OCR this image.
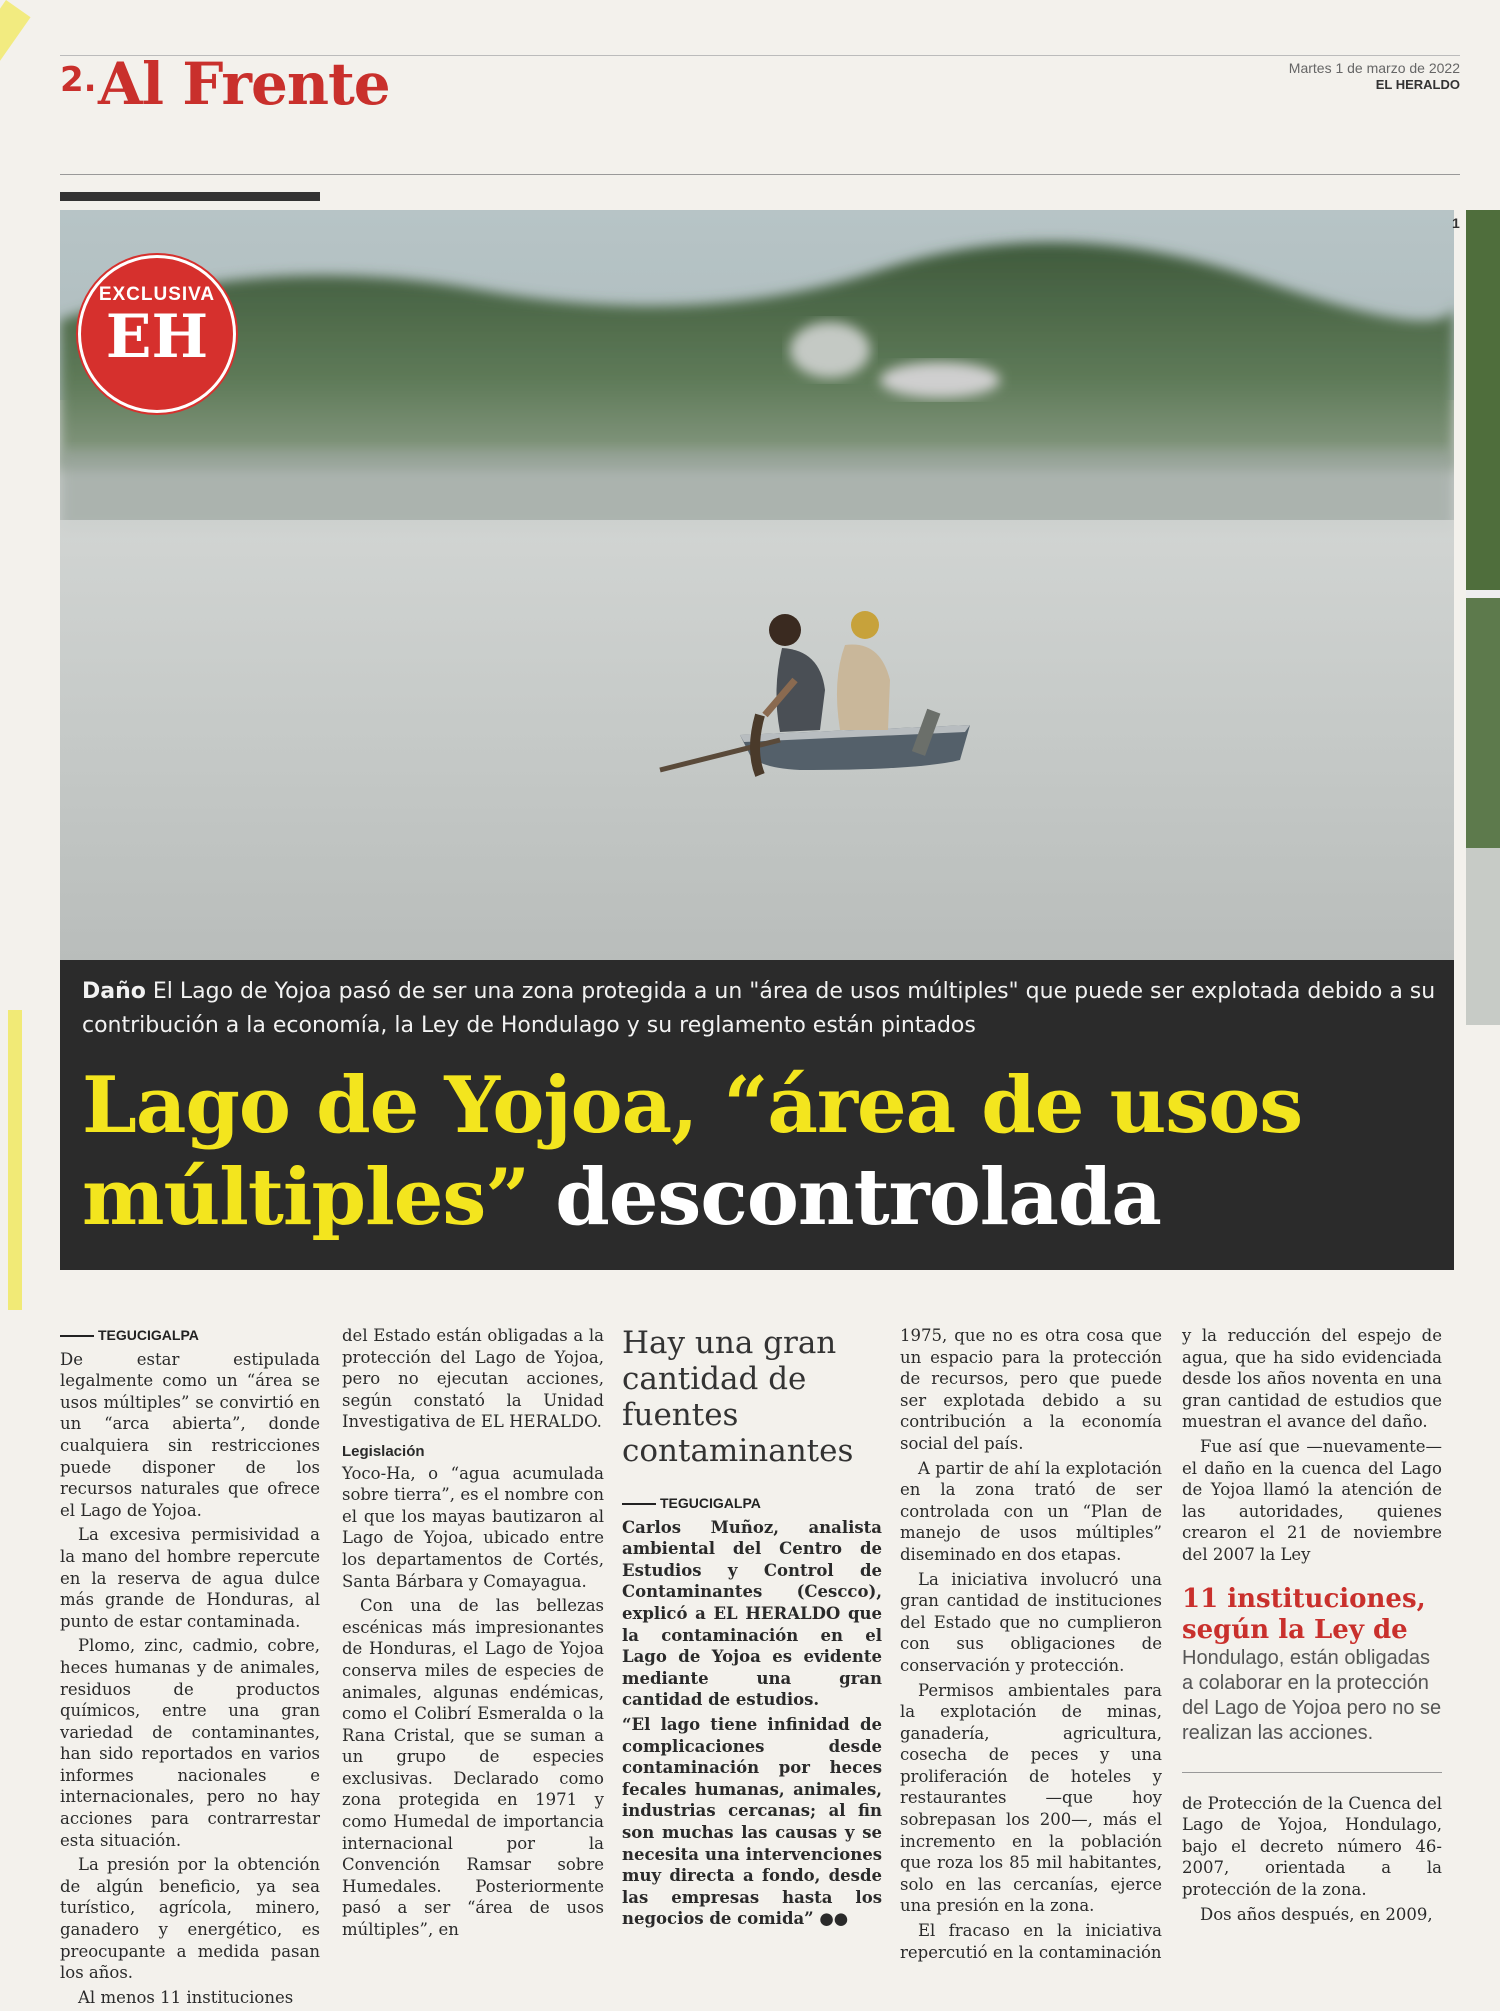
2. Al Frente	Martes 1 de marzo de 2022
EL HERALDO
1
EXCLUSIVA
EH
Daño El Lago de Yojoa pasó de ser una zona protegida a un "área de usos múltiples" que puede ser explotada debido a su contribución a la economía, la Ley de Hondulago y su reglamento están pintados
Lago de Yojoa, “área de usos múltiples” descontrolada
TEGUCIGALPA

De estar estipulada legalmente como un “área se usos múltiples” se convirtió en un “arca abierta”, donde cualquiera sin restricciones puede disponer de los recursos naturales que ofrece el Lago de Yojoa.

La excesiva permisividad a la mano del hombre repercute en la reserva de agua dulce más grande de Honduras, al punto de estar contaminada.

Plomo, zinc, cadmio, cobre, heces humanas y de animales, residuos de productos químicos, entre una gran variedad de contaminantes, han sido reportados en varios informes nacionales e internacionales, pero no hay acciones para contrarrestar esta situación.

La presión por la obtención de algún beneficio, ya sea turístico, agrícola, minero, ganadero y energético, es preocupante a medida pasan los años.

Al menos 11 instituciones

del Estado están obligadas a la protección del Lago de Yojoa, pero no ejecutan acciones, según constató la Unidad Investigativa de EL HERALDO.

Legislación

Yoco-Ha, o “agua acumulada sobre tierra”, es el nombre con el que los mayas bautizaron al Lago de Yojoa, ubicado entre los departamentos de Cortés, Santa Bárbara y Comayagua.

Con una de las bellezas escénicas más impresionantes de Honduras, el Lago de Yojoa conserva miles de especies de animales, algunas endémicas, como el Colibrí Esmeralda o la Rana Cristal, que se suman a un grupo de especies exclusivas. Declarado como zona protegida en 1971 y como Humedal de importancia internacional por la Convención Ramsar sobre Humedales. Posteriormente pasó a ser “área de usos múltiples”, en

Hay una gran cantidad de fuentes contaminantes
TEGUCIGALPA

Carlos Muñoz, analista ambiental del Centro de Estudios y Control de Contaminantes (Cescco), explicó a EL HERALDO que la contaminación en el Lago de Yojoa es evidente mediante una gran cantidad de estudios.

“El lago tiene infinidad de complicaciones desde contaminación por heces fecales humanas, animales, industrias cercanas; al fin son muchas las causas y se necesita una intervenciones muy directa a fondo, desde las empresas hasta los negocios de comida” ●●

1975, que no es otra cosa que un espacio para la protección de recursos, pero que puede ser explotada debido a su contribución a la economía social del país.

A partir de ahí la explotación en la zona trató de ser controlada con un “Plan de manejo de usos múltiples” diseminado en dos etapas.

La iniciativa involucró una gran cantidad de instituciones del Estado que no cumplieron con sus obligaciones de conservación y protección.

Permisos ambientales para la explotación de minas, ganadería, agricultura, cosecha de peces y una proliferación de hoteles y restaurantes —que hoy sobrepasan los 200—, más el incremento en la población que roza los 85 mil habitantes, solo en las cercanías, ejerce una presión en la zona.

El fracaso en la iniciativa repercutió en la contaminación

y la reducción del espejo de agua, que ha sido evidenciada desde los años noventa en una gran cantidad de estudios que muestran el avance del daño.

Fue así que —nuevamente— el daño en la cuenca del Lago de Yojoa llamó la atención de las autoridades, quienes crearon el 21 de noviembre del 2007 la Ley

11 instituciones, según la Ley de
Hondulago, están obligadas a colaborar en la protección del Lago de Yojoa pero no se realizan las acciones.

de Protección de la Cuenca del Lago de Yojoa, Hondulago, bajo el decreto número 46-2007, orientada a la protección de la zona.

Dos años después, en 2009,
